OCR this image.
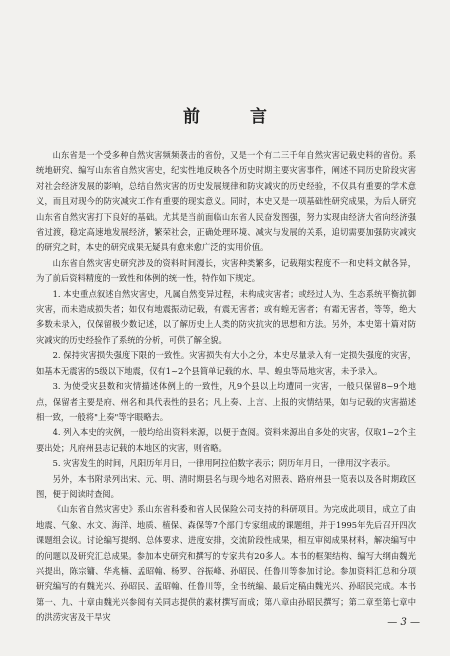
前 言

山东省是一个受多种自然灾害频频袭击的省份，又是一个有二三千年自然灾害记载史料的省份。系统地研究、编写山东省自然灾害史，纪实性地反映各个历史时期主要灾害事件，阐述不同历史阶段灾害对社会经济发展的影响，总结自然灾害的历史发展规律和防灾减灾的历史经验，不仅具有重要的学术意义，而且对现今的防灾减灾工作有重要的现实意义。同时，本史又是一项基础性研究成果，为后人研究山东省自然灾害打下良好的基础。尤其是当前面临山东省人民奋发图强，努力实现由经济大省向经济强省过渡，稳定高速地发展经济，繁荣社会，正确处理环境、减灾与发展的关系，追切需要加强防灾减灾的研究之时，本史的研究成果无疑具有愈来愈广泛的实用价值。

山东省自然灾害史研究涉及的资料时间漫长，灾害种类繁多，记载翔实程度不一和史料文献各异，为了前后资料精度的一致性和体例的统一性，特作如下规定。

1. 本史重点叙述自然灾害史，凡属自然变异过程，未构成灾害者；或经过人为、生态系统平衡抗御灾害，而未造成损失者；如仅有地震振动记载，有震无害者；或有蝗无害者；有霜无害者，等等，绝大多数未录入，仅保留极少数记述，以了解历史上人类的防灾抗灾的思想和方法。另外，本史第十篇对防灾减灾的历史经验作了系统的分析，可供了解全貌。

2. 保持灾害损失强度下限的一致性。灾害损失有大小之分，本史尽量录入有一定损失强度的灾害，如基本无震害的5级以下地震，仅有1~2个县简单记载的水、旱、蝗虫等局地灾害，未予录入。

3. 为使受灾县数和灾情描述体例上的一致性，凡9个县以上均遭同一灾害，一般只保留8~9个地点，保留者主要是府、州名和具代表性的县名；凡上奏、上言、上报的灾情结果，如与记载的灾害描述相一致，一般将"上奏"等字眼略去。

4. 列入本史的灾例，一般均给出资料来源，以便于查阅。资料来源出自多处的灾害，仅取1~2个主要出处；凡府州县志记载的本地区的灾害，则省略。

5. 灾害发生的时间，凡阳历年月日，一律用阿拉伯数字表示；阴历年月日，一律用汉字表示。

另外，本书附录列出宋、元、明、清时期县名与现今地名对照表、路府州县一览表以及各时期政区图，便于阅读时查阅。

《山东省自然灾害史》系山东省科委和省人民保险公司支持的科研项目。为完成此项目，成立了由地震、气象、水文、海洋、地质、植保、森保等7个部门专家组成的课题组，并于1995年先后召开四次课题组会议。讨论编写提纲、总体要求、进度安排，交流阶段性成果，相互审阅成果材料，解决编写中的问题以及研究汇总成果。参加本史研究和撰写的专家共有20多人。本书的框架结构、编写大纲由魏光兴提出，陈宗镛、华兆楠、孟昭翰、杨罗、谷振峰、孙昭民、任鲁川等参加讨论。参加资料汇总和分项研究编写的有魏光兴、孙昭民、孟昭翰、任鲁川等，全书统编、最后定稿由魏光兴、孙昭民完成。本书第一、九、十章由魏光兴参阅有关同志提供的素材撰写而成；第八章由孙昭民撰写；第二章至第七章中的洪涝灾害及干旱灾	— 3 —
